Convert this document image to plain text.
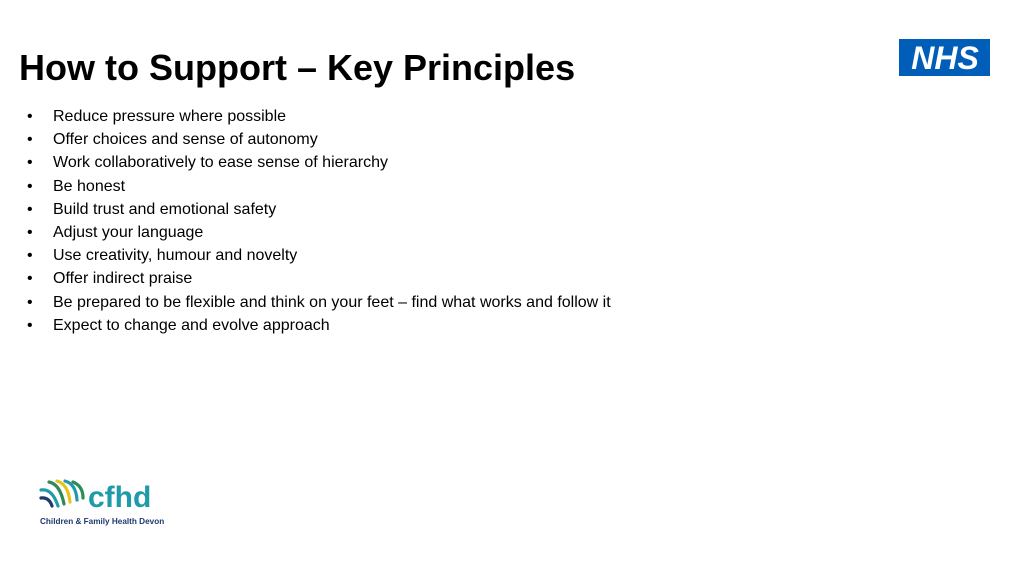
How to Support – Key Principles	NHS
• Reduce pressure where possible
• Offer choices and sense of autonomy
• Work collaboratively to ease sense of hierarchy
• Be honest
• Build trust and emotional safety
• Adjust your language
• Use creativity, humour and novelty
• Offer indirect praise
• Be prepared to be flexible and think on your feet – find what works and follow it
• Expect to change and evolve approach
cfhd
Children & Family Health Devon
